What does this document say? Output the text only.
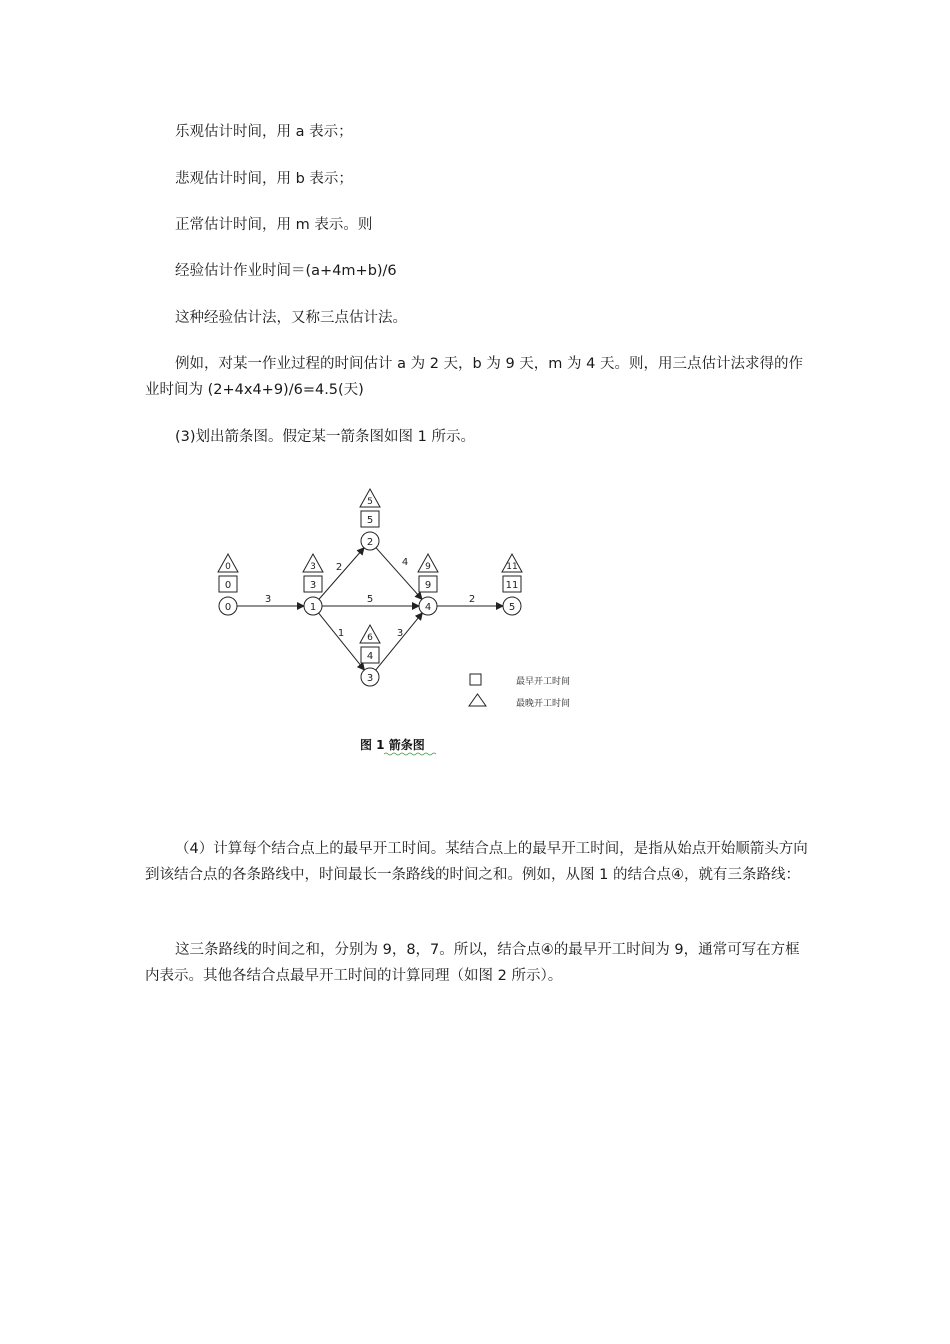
乐观估计时间，用 a 表示；

悲观估计时间，用 b 表示；

正常估计时间，用 m 表示。则

经验估计作业时间＝(a+4m+b)/6

这种经验估计法，又称三点估计法。

例如，对某一作业过程的时间估计 a 为 2 天，b 为 9 天，m 为 4 天。则，用三点估计法求得的作业时间为 (2+4x4+9)/6=4.5(天)

(3)划出箭条图。假定某一箭条图如图 1 所示。

3
2
5
1
4
3
2
0
0
0
1
3
3
2
5
5
3
4
6
4
9
9
5
11
11
最早开工时间
最晚开工时间
图 1 箭条图

（4）计算每个结合点上的最早开工时间。某结合点上的最早开工时间，是指从始点开始顺箭头方向到该结合点的各条路线中，时间最长一条路线的时间之和。例如，从图 1 的结合点④，就有三条路线：

这三条路线的时间之和，分别为 9，8，7。所以，结合点④的最早开工时间为 9，通常可写在方框内表示。其他各结合点最早开工时间的计算同理（如图 2 所示）。
